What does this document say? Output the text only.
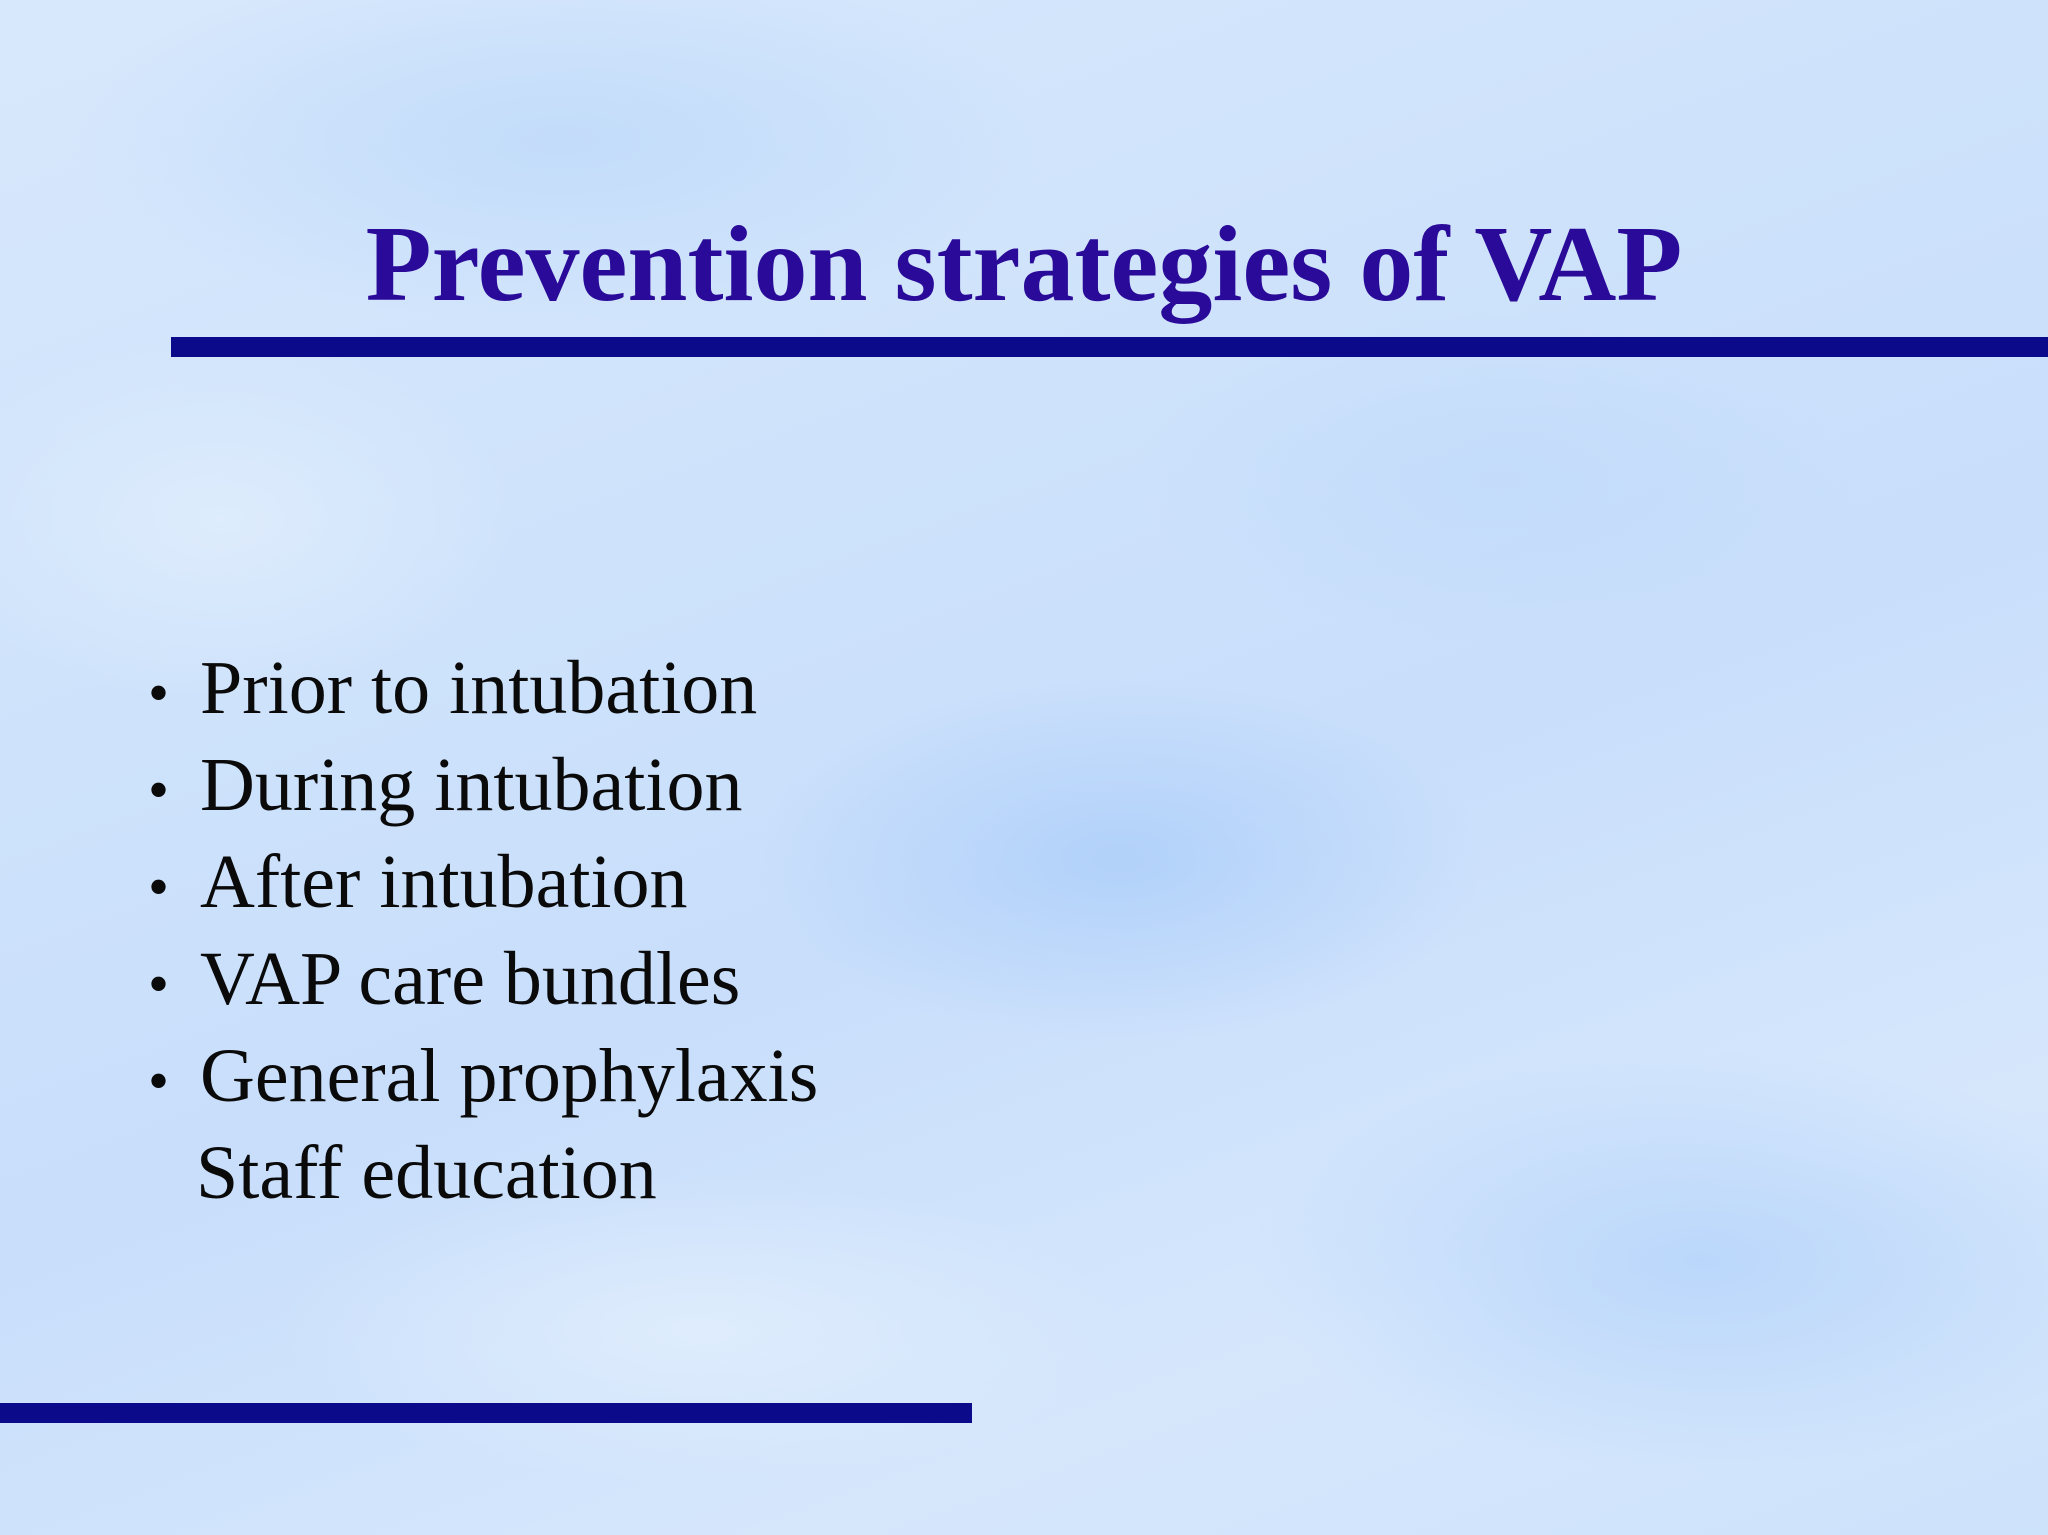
Prevention strategies of VAP
• Prior to intubation
• During intubation
• After intubation
• VAP care bundles
• General prophylaxis
Staff education
